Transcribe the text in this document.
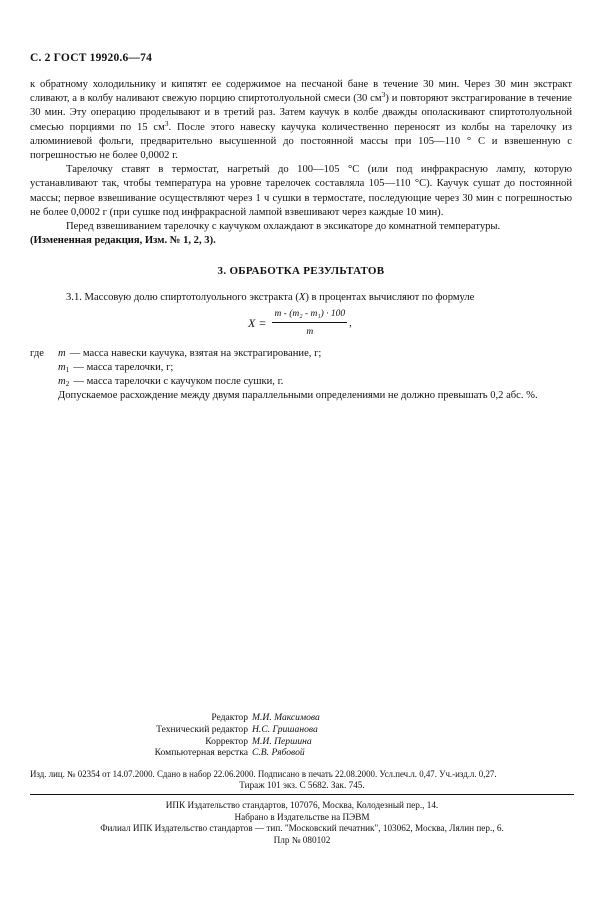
С. 2 ГОСТ 19920.6—74

к обратному холодильнику и кипятят ее содержимое на песчаной бане в течение 30 мин. Через 30 мин экстракт сливают, а в колбу наливают свежую порцию спиртотолуольной смеси (30 $см^3$) и повторяют экстрагирование в течение 30 мин. Эту операцию проделывают и в третий раз. Затем каучук в колбе дважды ополаскивают спиртотолуольной смесью порциями по 15 $см^3$. После этого навеску каучука количественно переносят из колбы на тарелочку из алюминиевой фольги, предварительно высушенной до постоянной массы при 105—110 ° С и взвешенную с погрешностью не более 0,0002 г.

Тарелочку ставят в термостат, нагретый до 100—105 °С (или под инфракрасную лампу, которую устанавливают так, чтобы температура на уровне тарелочек составляла 105—110 °С). Каучук сушат до постоянной массы; первое взвешивание осуществляют через 1 ч сушки в термостате, последующие через 30 мин с погрешностью не более 0,0002 г (при сушке под инфракрасной лампой взвешивают через каждые 10 мин).

Перед взвешиванием тарелочку с каучуком охлаждают в эксикаторе до комнатной температуры.

(Измененная редакция, Изм. № 1, 2, 3).

3. ОБРАБОТКА РЕЗУЛЬТАТОВ

3.1. Массовую долю спиртотолуольного экстракта (X) в процентах вычисляют по формуле

$X = \frac{\text{m - (m₂ - m₁) · 100}}{m}$ ,
где	m — масса навески каучука, взятая на экстрагирование, г;
$m_1$ — масса тарелочки, г;
$m_2$ — масса тарелочки с каучуком после сушки, г.

Допускаемое расхождение между двумя параллельными определениями не должно превышать 0,2 абс. %.

Редактор М.И. Максимова
Технический редактор Н.С. Гришанова
Корректор М.И. Першина
Компьютерная верстка С.В. Рябовой
Изд. лиц. № 02354 от 14.07.2000. Сдано в набор 22.06.2000. Подписано в печать 22.08.2000. Усл.печ.л. 0,47. Уч.-изд.л. 0,27.
Тираж 101 экз. С 5682. Зак. 745.
ИПК Издательство стандартов, 107076, Москва, Колодезный пер., 14.
Набрано в Издательстве на ПЭВМ
Филиал ИПК Издательство стандартов — тип. "Московский печатник", 103062, Москва, Лялин пер., 6.
Плр № 080102
